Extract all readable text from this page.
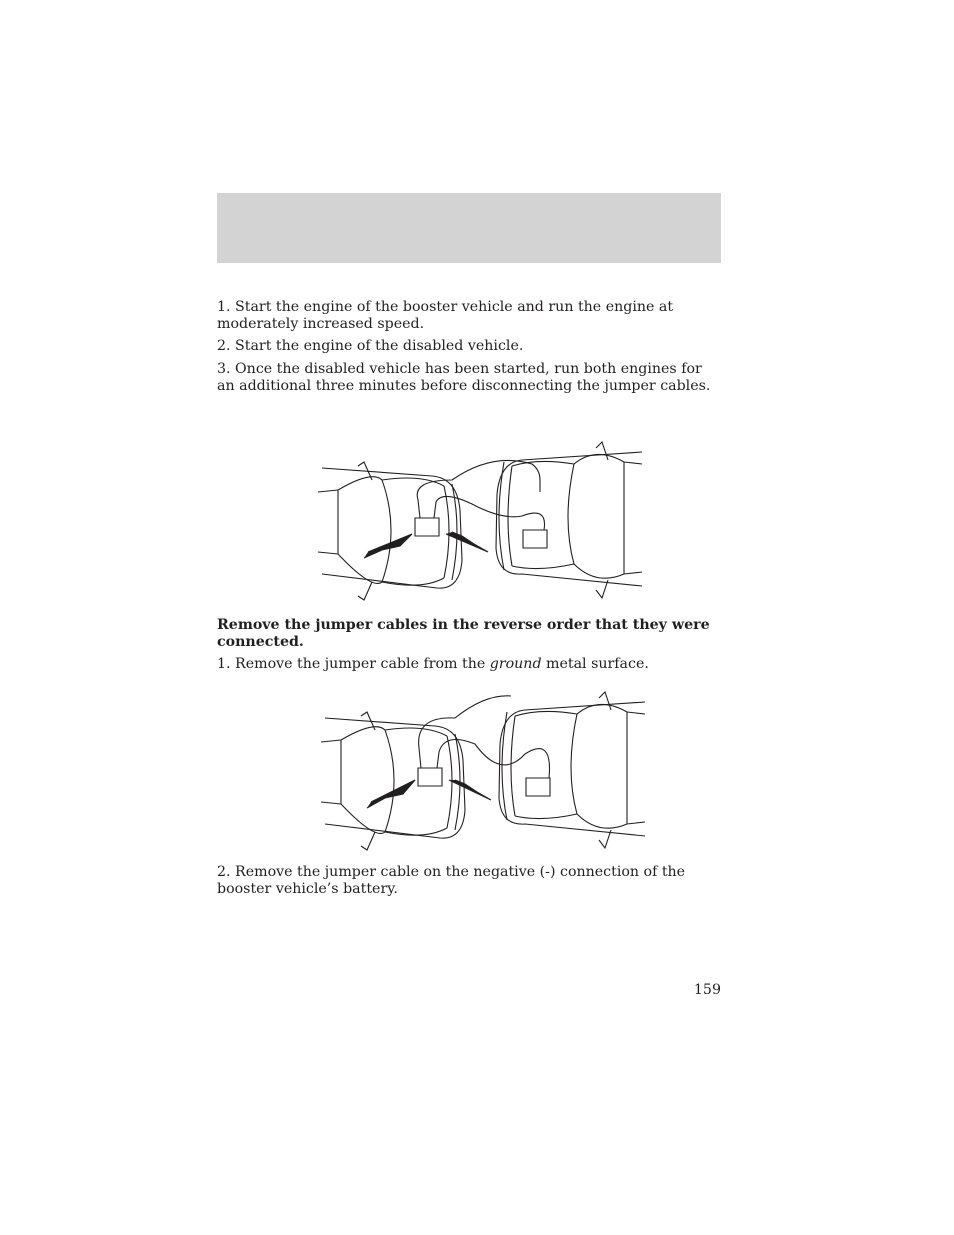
1. Start the engine of the booster vehicle and run the engine at moderately increased speed.

2. Start the engine of the disabled vehicle.

3. Once the disabled vehicle has been started, run both engines for an additional three minutes before disconnecting the jumper cables.

Remove the jumper cables in the reverse order that they were connected.

1. Remove the jumper cable from the ground metal surface.

2. Remove the jumper cable on the negative (-) connection of the booster vehicle’s battery.

159
